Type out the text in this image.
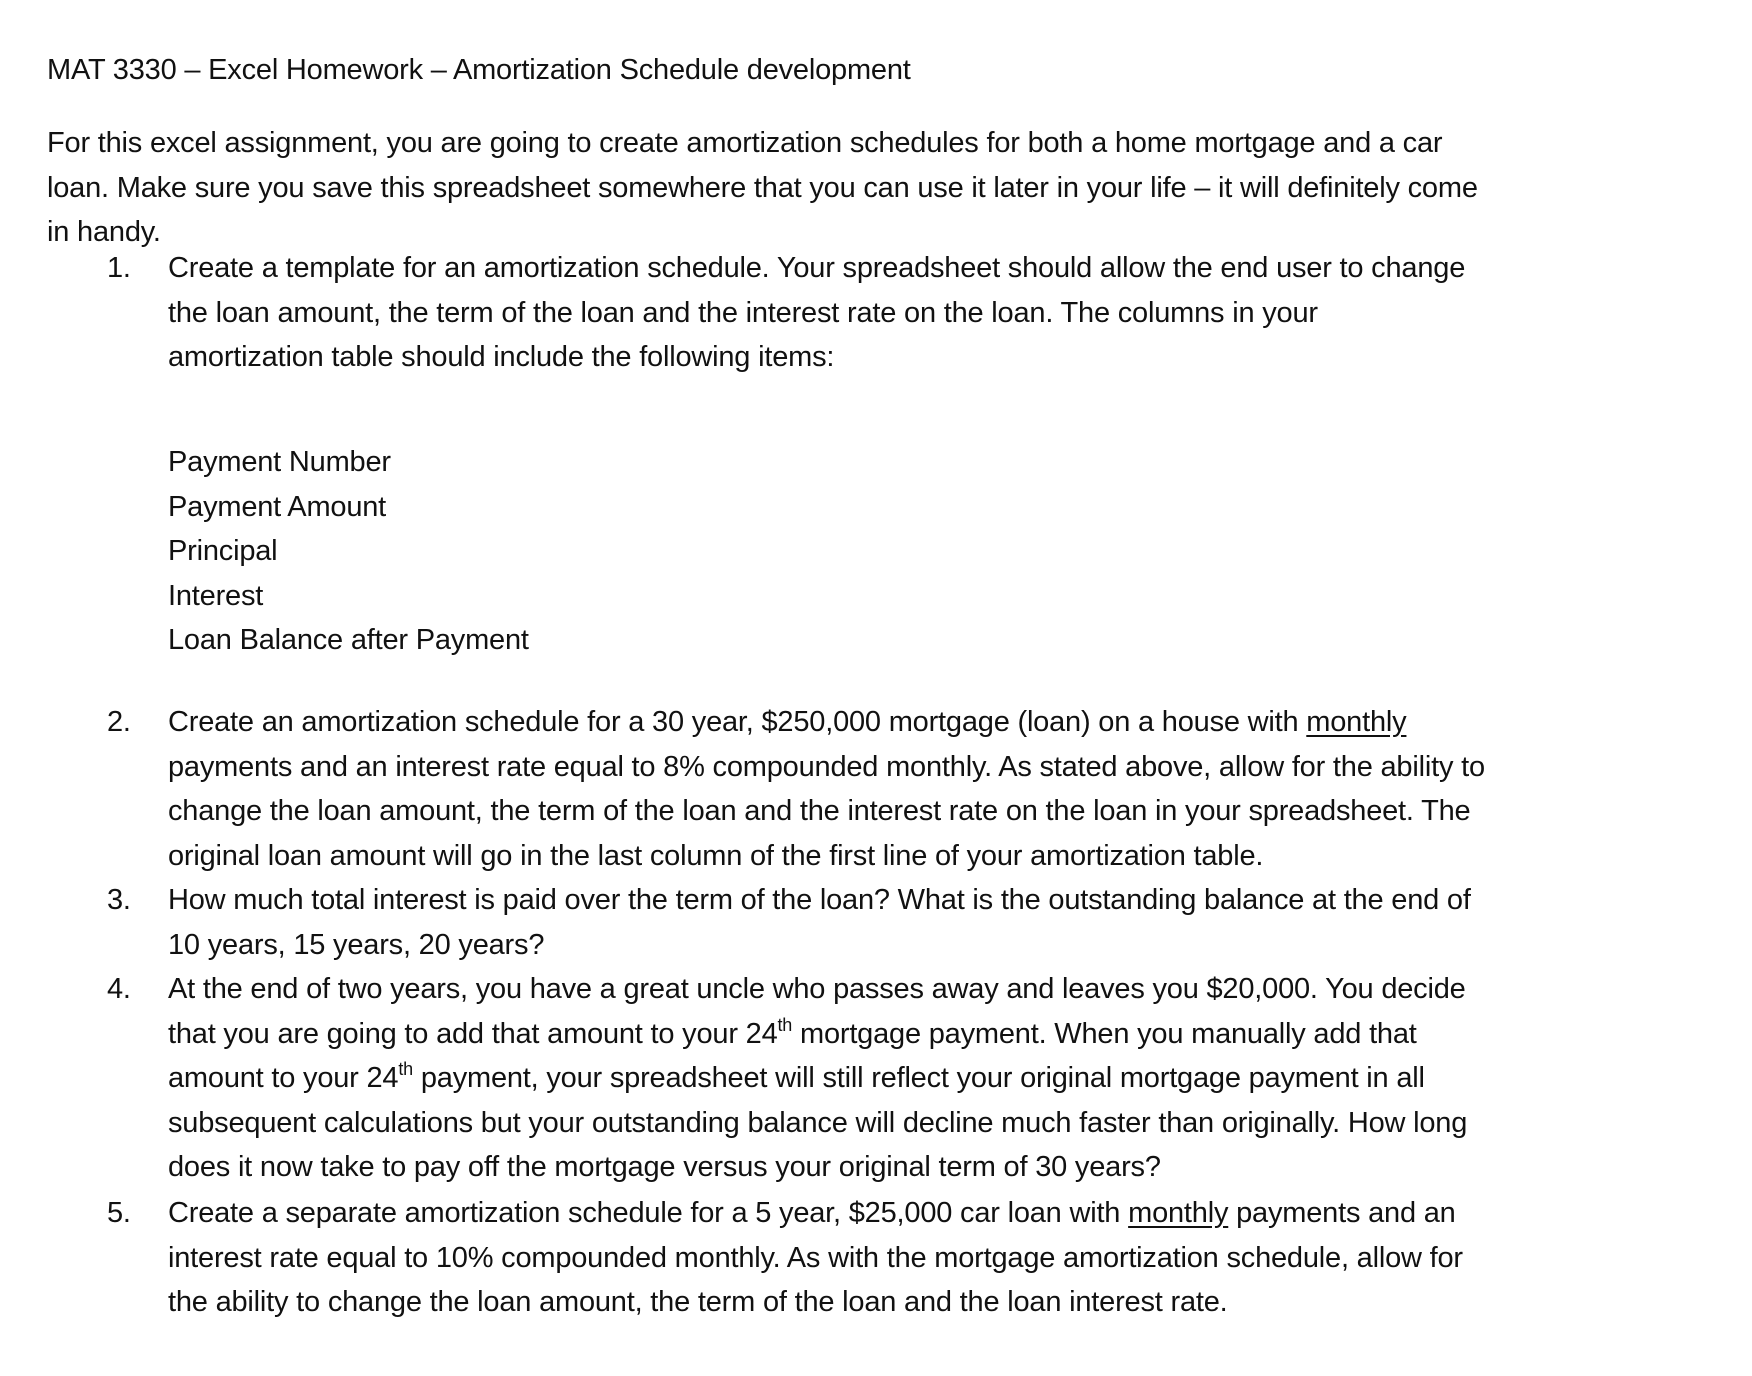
MAT 3330 – Excel Homework – Amortization Schedule development
For this excel assignment, you are going to create amortization schedules for both a home mortgage and a car
loan. Make sure you save this spreadsheet somewhere that you can use it later in your life – it will definitely come
in handy.
1. Create a template for an amortization schedule. Your spreadsheet should allow the end user to change
the loan amount, the term of the loan and the interest rate on the loan. The columns in your
amortization table should include the following items:
Payment Number
Payment Amount
Principal
Interest
Loan Balance after Payment
2. Create an amortization schedule for a 30 year, $250,000 mortgage (loan) on a house with monthly
payments and an interest rate equal to 8% compounded monthly. As stated above, allow for the ability to
change the loan amount, the term of the loan and the interest rate on the loan in your spreadsheet. The
original loan amount will go in the last column of the first line of your amortization table.
3. How much total interest is paid over the term of the loan? What is the outstanding balance at the end of
10 years, 15 years, 20 years?
4. At the end of two years, you have a great uncle who passes away and leaves you $20,000. You decide
that you are going to add that amount to your 24th mortgage payment. When you manually add that
amount to your 24th payment, your spreadsheet will still reflect your original mortgage payment in all
subsequent calculations but your outstanding balance will decline much faster than originally. How long
does it now take to pay off the mortgage versus your original term of 30 years?
5. Create a separate amortization schedule for a 5 year, $25,000 car loan with monthly payments and an
interest rate equal to 10% compounded monthly. As with the mortgage amortization schedule, allow for
the ability to change the loan amount, the term of the loan and the loan interest rate.
